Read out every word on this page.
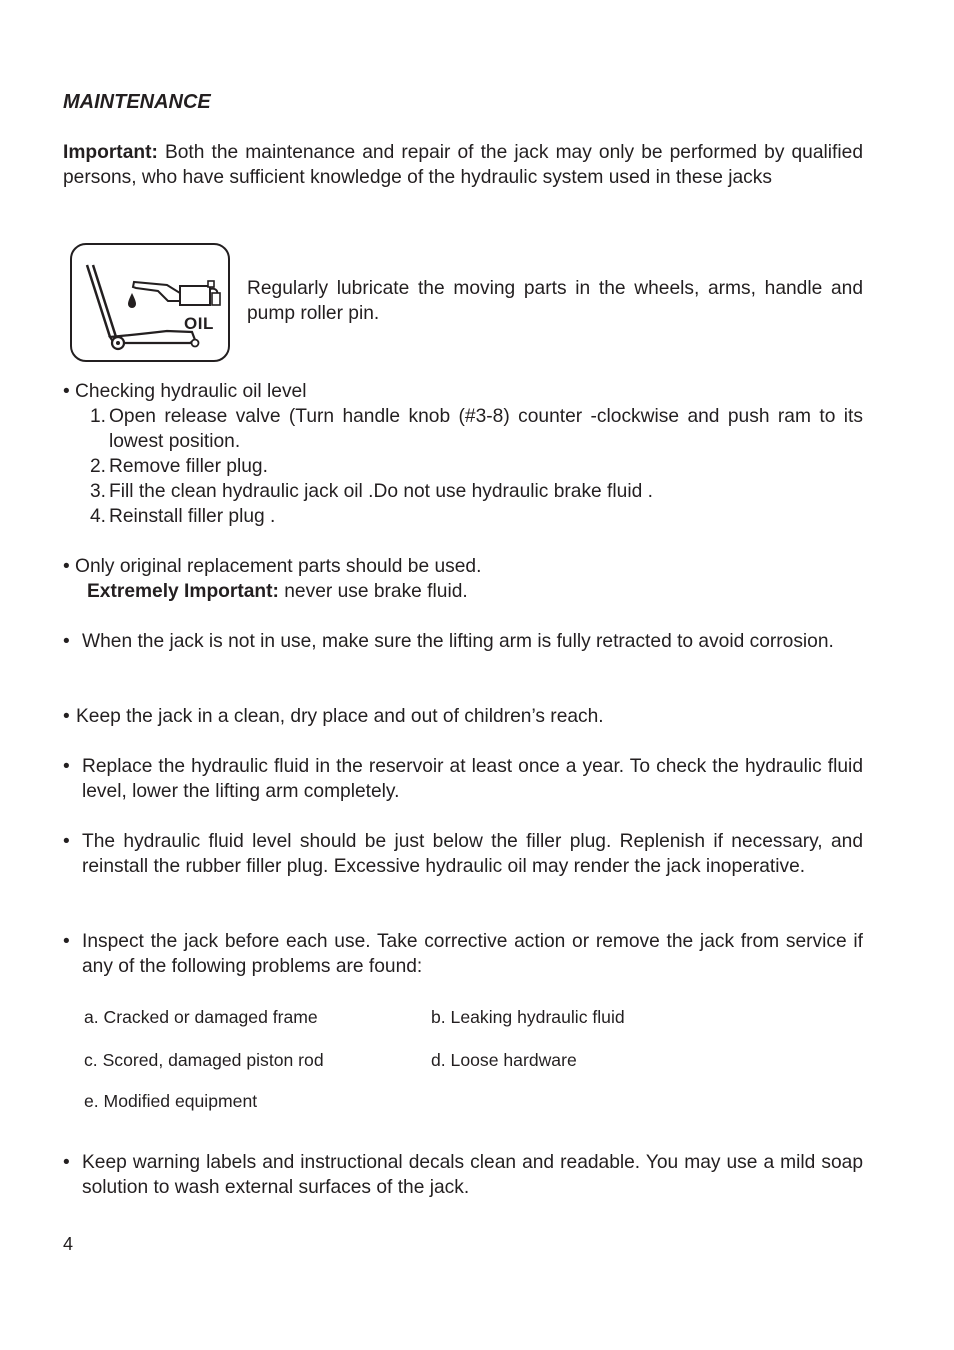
MAINTENANCE
Important: Both the maintenance and repair of the jack may only be performed by qualified persons, who have sufficient knowledge of the hydraulic system used in these jacks
OIL
Regularly lubricate the moving parts in the wheels, arms, handle and pump roller pin.
• Checking hydraulic oil level
1. Open release valve (Turn handle knob (#3-8) counter -clockwise and push ram to its lowest position.
2. Remove filler plug.
3. Fill the clean hydraulic jack oil .Do not use hydraulic brake fluid .
4. Reinstall filler plug .
• Only original replacement parts should be used.
Extremely Important: never use brake fluid.
• When the jack is not in use, make sure the lifting arm is fully retracted to avoid corrosion.
• Keep the jack in a clean, dry place and out of children’s reach.
• Replace the hydraulic fluid in the reservoir at least once a year. To check the hydraulic fluid level, lower the lifting arm completely.
• The hydraulic fluid level should be just below the filler plug. Replenish if necessary, and reinstall the rubber filler plug. Excessive hydraulic oil may render the jack inoperative.
• Inspect the jack before each use. Take corrective action or remove the jack from service if any of the following problems are found:
a. Cracked or damaged frame	b. Leaking hydraulic fluid
c. Scored, damaged piston rod	d. Loose hardware
e. Modified equipment
• Keep warning labels and instructional decals clean and readable. You may use a mild soap solution to wash external surfaces of the jack.
4
